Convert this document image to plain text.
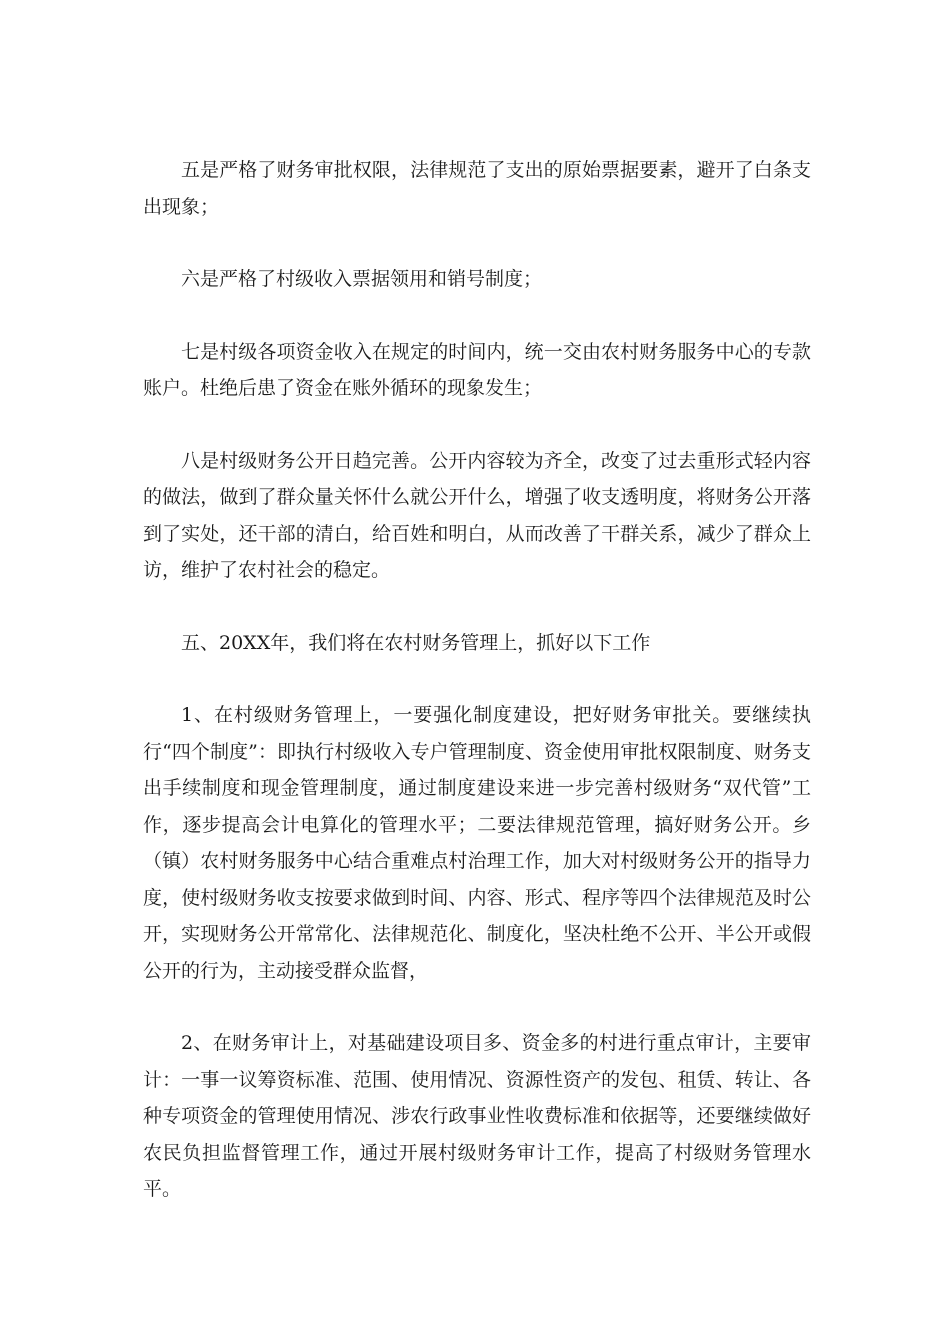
五是严格了财务审批权限，法律规范了支出的原始票据要素，避开了白条支出现象；

六是严格了村级收入票据领用和销号制度；

七是村级各项资金收入在规定的时间内，统一交由农村财务服务中心的专款账户。杜绝后患了资金在账外循环的现象发生；

八是村级财务公开日趋完善。公开内容较为齐全，改变了过去重形式轻内容的做法，做到了群众量关怀什么就公开什么，增强了收支透明度，将财务公开落到了实处，还干部的清白，给百姓和明白，从而改善了干群关系，减少了群众上访，维护了农村社会的稳定。

五、20XX年，我们将在农村财务管理上，抓好以下工作

1、在村级财务管理上，一要强化制度建设，把好财务审批关。要继续执行“四个制度”：即执行村级收入专户管理制度、资金使用审批权限制度、财务支出手续制度和现金管理制度，通过制度建设来进一步完善村级财务“双代管”工作，逐步提高会计电算化的管理水平；二要法律规范管理，搞好财务公开。乡（镇）农村财务服务中心结合重难点村治理工作，加大对村级财务公开的指导力度，使村级财务收支按要求做到时间、内容、形式、程序等四个法律规范及时公开，实现财务公开常常化、法律规范化、制度化，坚决杜绝不公开、半公开或假公开的行为，主动接受群众监督，

2、在财务审计上，对基础建设项目多、资金多的村进行重点审计，主要审计：一事一议筹资标准、范围、使用情况、资源性资产的发包、租赁、转让、各种专项资金的管理使用情况、涉农行政事业性收费标准和依据等，还要继续做好农民负担监督管理工作，通过开展村级财务审计工作，提高了村级财务管理水平。
